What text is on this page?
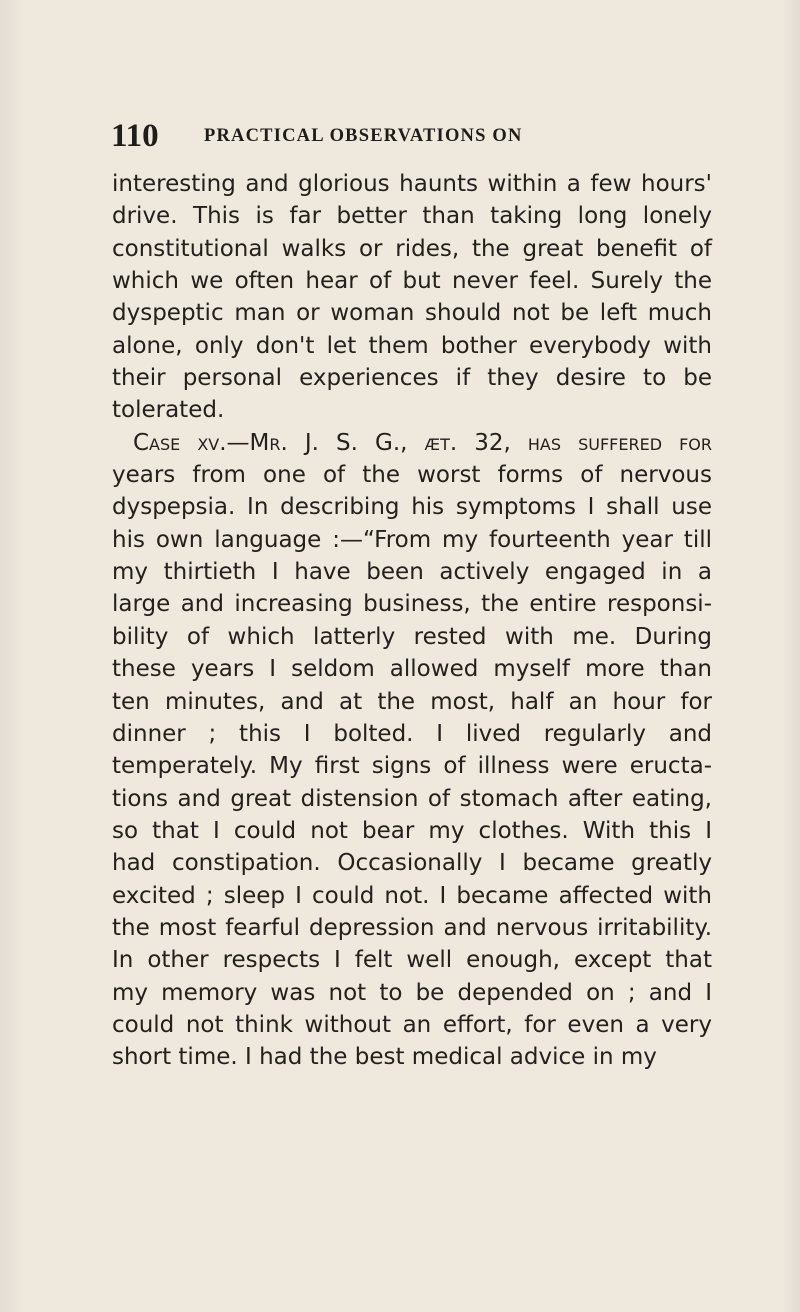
110 PRACTICAL OBSERVATIONS ON
interesting and glorious haunts within a few hours'
drive. This is far better than taking long lonely
constitutional walks or rides, the great benefit of
which we often hear of but never feel. Surely the
dyspeptic man or woman should not be left much
alone, only don't let them bother everybody with
their personal experiences if they desire to be
tolerated.
Case xv.—Mr. J. S. G., æt. 32, has suffered for
years from one of the worst forms of nervous
dyspepsia. In describing his symptoms I shall use
his own language :—“From my fourteenth year till
my thirtieth I have been actively engaged in a
large and increasing business, the entire responsi-
bility of which latterly rested with me. During
these years I seldom allowed myself more than
ten minutes, and at the most, half an hour for
dinner ; this I bolted. I lived regularly and
temperately. My first signs of illness were eructa-
tions and great distension of stomach after eating,
so that I could not bear my clothes. With this I
had constipation. Occasionally I became greatly
excited ; sleep I could not. I became affected with
the most fearful depression and nervous irritability.
In other respects I felt well enough, except that
my memory was not to be depended on ; and I
could not think without an effort, for even a very
short time. I had the best medical advice in my
